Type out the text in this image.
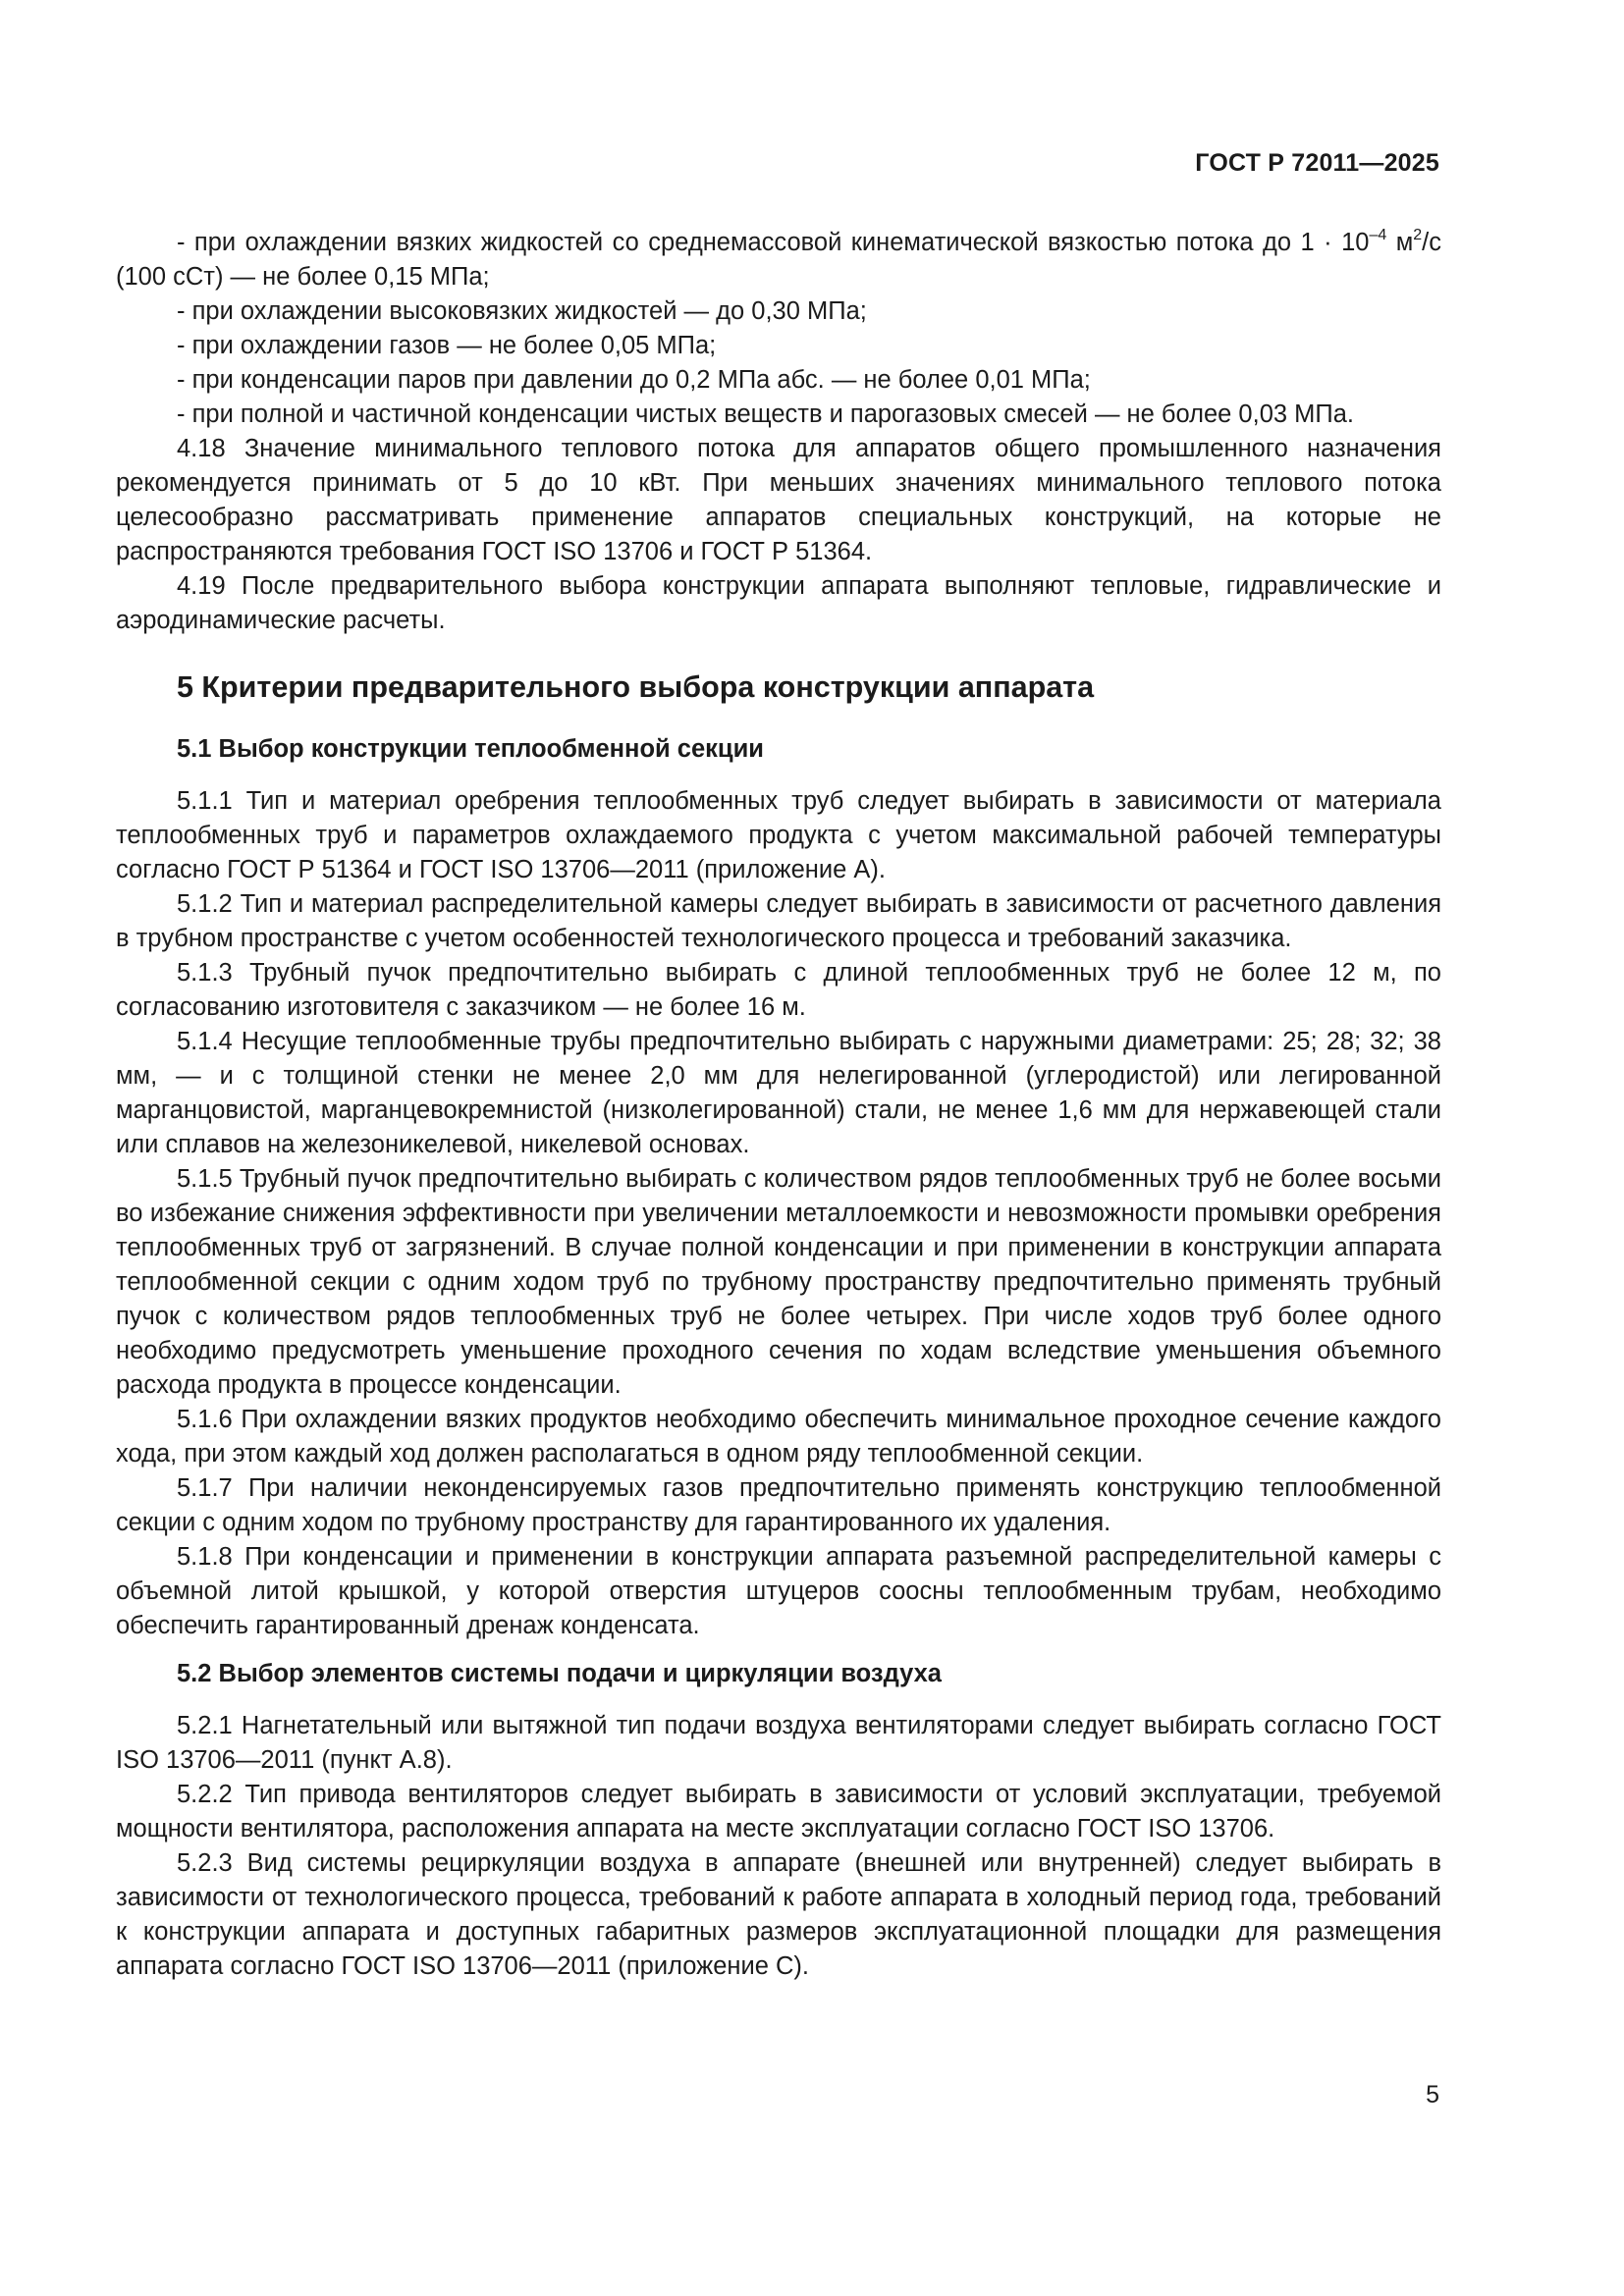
ГОСТ Р 72011—2025

- при охлаждении вязких жидкостей со среднемассовой кинематической вязкостью потока до $1 \cdot 10^{-4}$ $м^2/с$ (100 сСт) — не более 0,15 МПа;

- при охлаждении высоковязких жидкостей — до 0,30 МПа;

- при охлаждении газов — не более 0,05 МПа;

- при конденсации паров при давлении до 0,2 МПа абс. — не более 0,01 МПа;

- при полной и частичной конденсации чистых веществ и парогазовых смесей — не более 0,03 МПа.

4.18 Значение минимального теплового потока для аппаратов общего промышленного назначения рекомендуется принимать от 5 до 10 кВт. При меньших значениях минимального теплового потока целесообразно рассматривать применение аппаратов специальных конструкций, на которые не распространяются требования ГОСТ ISO 13706 и ГОСТ Р 51364.

4.19 После предварительного выбора конструкции аппарата выполняют тепловые, гидравлические и аэродинамические расчеты.

5 Критерии предварительного выбора конструкции аппарата
5.1 Выбор конструкции теплообменной секции

5.1.1 Тип и материал оребрения теплообменных труб следует выбирать в зависимости от материала теплообменных труб и параметров охлаждаемого продукта с учетом максимальной рабочей температуры согласно ГОСТ Р 51364 и ГОСТ ISO 13706—2011 (приложение А).

5.1.2 Тип и материал распределительной камеры следует выбирать в зависимости от расчетного давления в трубном пространстве с учетом особенностей технологического процесса и требований заказчика.

5.1.3 Трубный пучок предпочтительно выбирать с длиной теплообменных труб не более 12 м, по согласованию изготовителя с заказчиком — не более 16 м.

5.1.4 Несущие теплообменные трубы предпочтительно выбирать с наружными диаметрами: 25; 28; 32; 38 мм, — и с толщиной стенки не менее 2,0 мм для нелегированной (углеродистой) или легированной марганцовистой, марганцевокремнистой (низколегированной) стали, не менее 1,6 мм для нержавеющей стали или сплавов на железоникелевой, никелевой основах.

5.1.5 Трубный пучок предпочтительно выбирать с количеством рядов теплообменных труб не более восьми во избежание снижения эффективности при увеличении металлоемкости и невозможности промывки оребрения теплообменных труб от загрязнений. В случае полной конденсации и при применении в конструкции аппарата теплообменной секции с одним ходом труб по трубному пространству предпочтительно применять трубный пучок с количеством рядов теплообменных труб не более четырех. При числе ходов труб более одного необходимо предусмотреть уменьшение проходного сечения по ходам вследствие уменьшения объемного расхода продукта в процессе конденсации.

5.1.6 При охлаждении вязких продуктов необходимо обеспечить минимальное проходное сечение каждого хода, при этом каждый ход должен располагаться в одном ряду теплообменной секции.

5.1.7 При наличии неконденсируемых газов предпочтительно применять конструкцию теплообменной секции с одним ходом по трубному пространству для гарантированного их удаления.

5.1.8 При конденсации и применении в конструкции аппарата разъемной распределительной камеры с объемной литой крышкой, у которой отверстия штуцеров соосны теплообменным трубам, необходимо обеспечить гарантированный дренаж конденсата.

5.2 Выбор элементов системы подачи и циркуляции воздуха

5.2.1 Нагнетательный или вытяжной тип подачи воздуха вентиляторами следует выбирать согласно ГОСТ ISO 13706—2011 (пункт А.8).

5.2.2 Тип привода вентиляторов следует выбирать в зависимости от условий эксплуатации, требуемой мощности вентилятора, расположения аппарата на месте эксплуатации согласно ГОСТ ISO 13706.

5.2.3 Вид системы рециркуляции воздуха в аппарате (внешней или внутренней) следует выбирать в зависимости от технологического процесса, требований к работе аппарата в холодный период года, требований к конструкции аппарата и доступных габаритных размеров эксплуатационной площадки для размещения аппарата согласно ГОСТ ISO 13706—2011 (приложение С).

5
